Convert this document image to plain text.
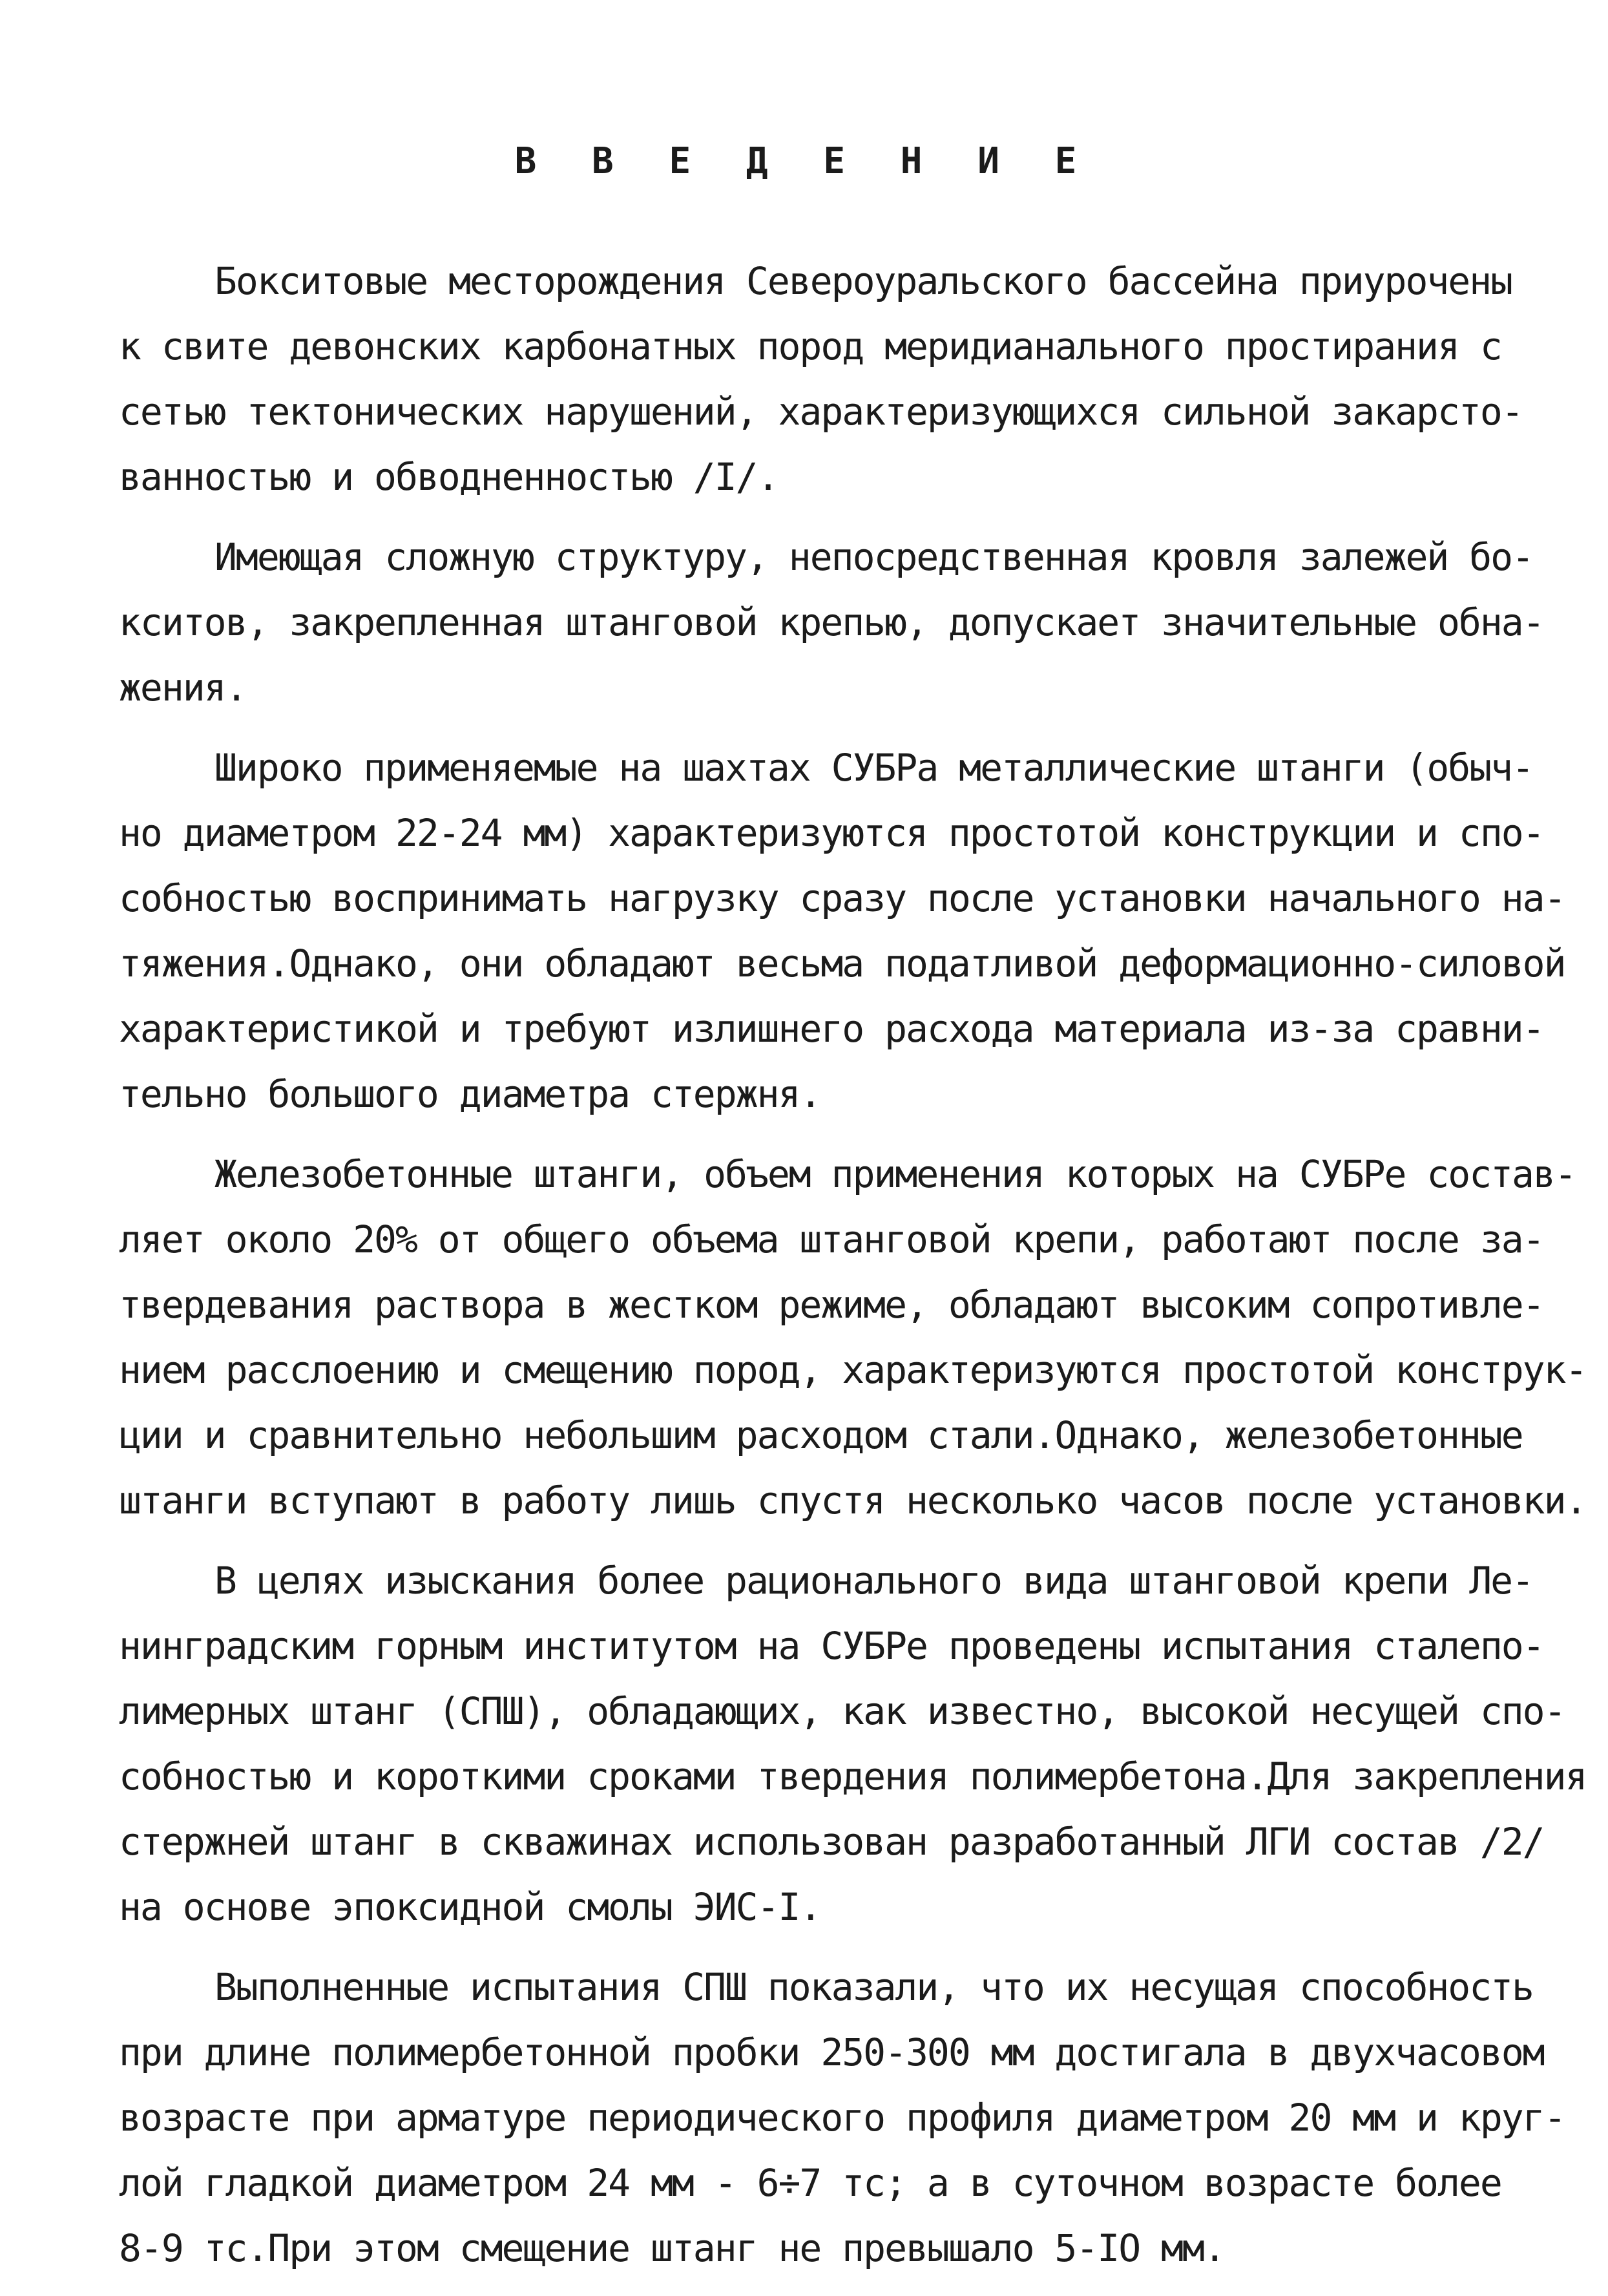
В В Е Д Е Н И Е
Бокситовые месторождения Североуральского бассейна приурочены
к свите девонских карбонатных пород меридианального простирания с
сетью тектонических нарушений, характеризующихся сильной закарсто-
ванностью и обводненностью /I/.
Имеющая сложную структуру, непосредственная кровля залежей бо-
кситов, закрепленная штанговой крепью, допускает значительные обна-
жения.
Широко применяемые на шахтах СУБРа металлические штанги (обыч-
но диаметром 22-24 мм) характеризуются простотой конструкции и спо-
собностью воспринимать нагрузку сразу после установки начального на-
тяжения.Однако, они обладают весьма податливой деформационно-силовой
характеристикой и требуют излишнего расхода материала из-за сравни-
тельно большого диаметра стержня.
Железобетонные штанги, объем применения которых на СУБРе состав-
ляет около 20% от общего объема штанговой крепи, работают после за-
твердевания раствора в жестком режиме, обладают высоким сопротивле-
нием расслоению и смещению пород, характеризуются простотой конструк-
ции и сравнительно небольшим расходом стали.Однако, железобетонные
штанги вступают в работу лишь спустя несколько часов после установки.
В целях изыскания более рационального вида штанговой крепи Ле-
нинградским горным институтом на СУБРе проведены испытания сталепо-
лимерных штанг (СПШ), обладающих, как известно, высокой несущей спо-
собностью и короткими сроками твердения полимербетона.Для закрепления
стержней штанг в скважинах использован разработанный ЛГИ состав /2/
на основе эпоксидной смолы ЭИС-I.
Выполненные испытания СПШ показали, что их несущая способность
при длине полимербетонной пробки 250-300 мм достигала в двухчасовом
возрасте при арматуре периодического профиля диаметром 20 мм и круг-
лой гладкой диаметром 24 мм - 6÷7 тс; а в суточном возрасте более
8-9 тс.При этом смещение штанг не превышало 5-IO мм.
